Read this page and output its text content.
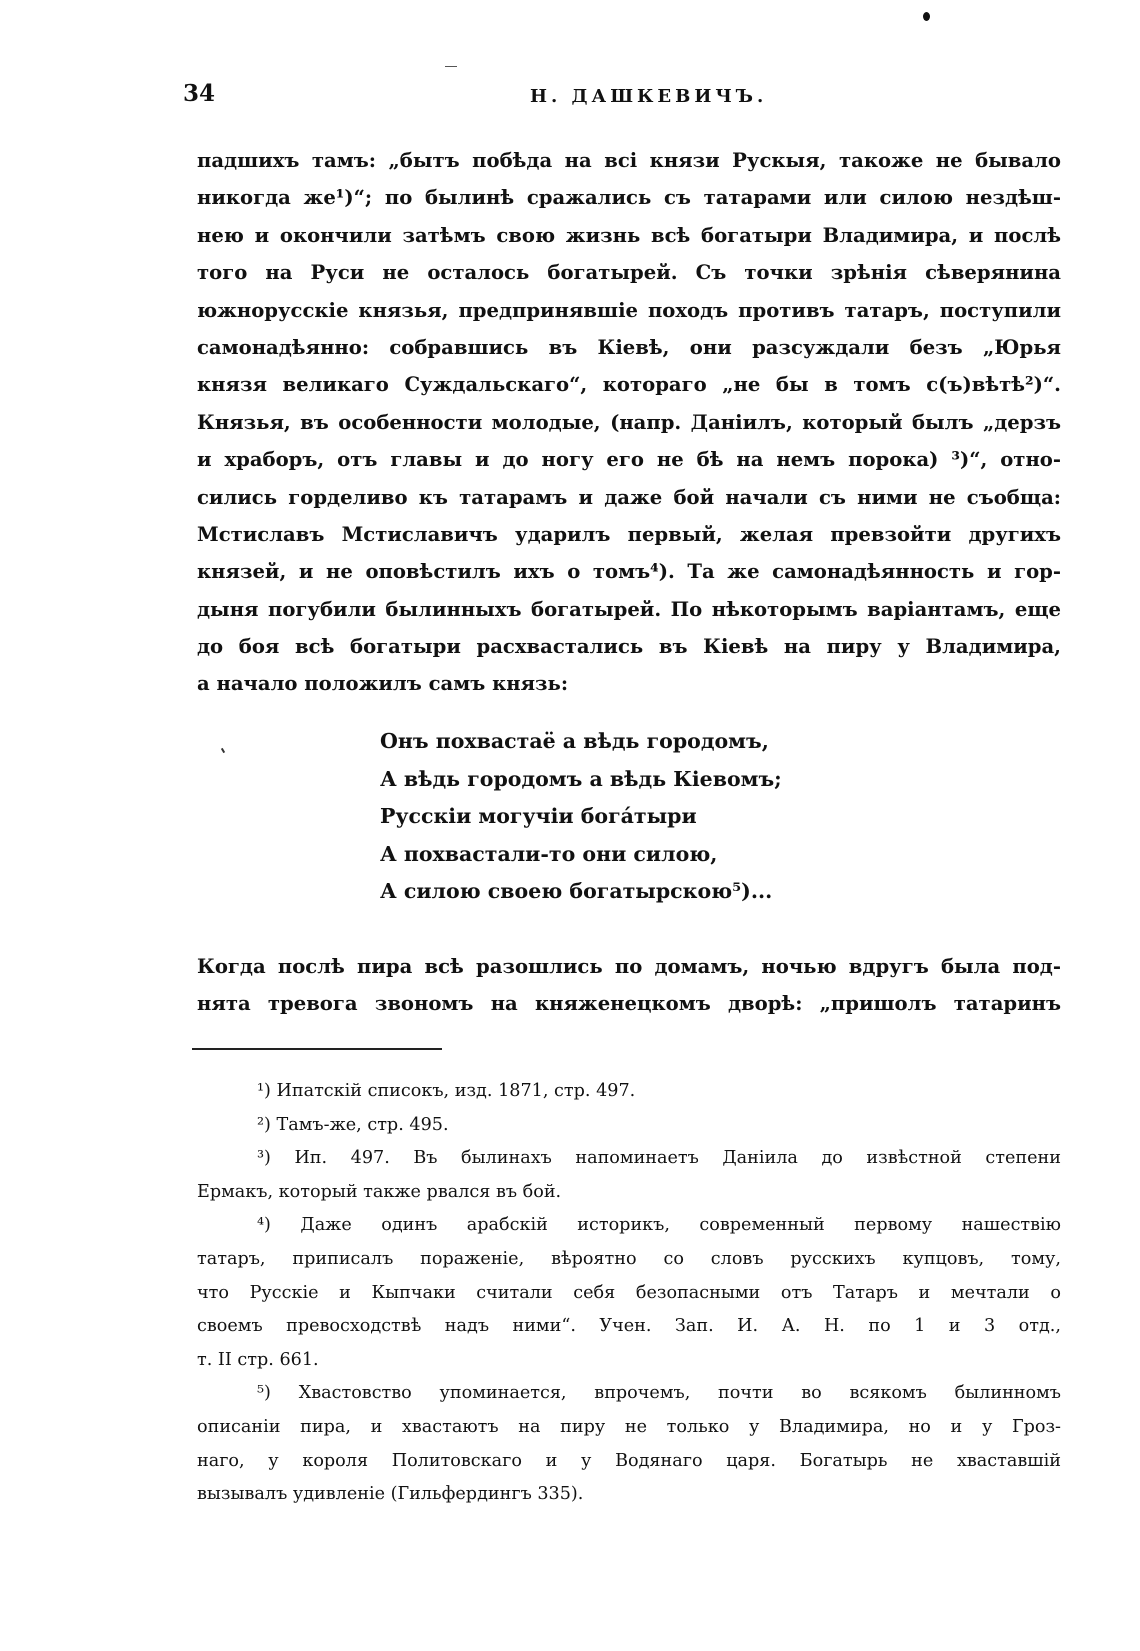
34	Н. ДАШКЕВИЧЪ.
падшихъ тамъ: „бытъ побѣда на всі князи Рускыя, такоже не бывало
никогда же¹)“; по былинѣ сражались съ татарами или силою нездѣш-
нею и окончили затѣмъ свою жизнь всѣ богатыри Владимира, и послѣ
того на Руси не осталось богатырей. Съ точки зрѣнія сѣверянина
южнорусскіе князья, предпринявшіе походъ противъ татаръ, поступили
самонадѣянно: собравшись въ Кіевѣ, они разсуждали безъ „Юрья
князя великаго Суждальскаго“, котораго „не бы в томъ с(ъ)вѣтѣ²)“.
Князья, въ особенности молодые, (напр. Даніилъ, который былъ „дерзъ
и храборъ, отъ главы и до ногу его не бѣ на немъ порока) ³)“, отно-
сились горделиво къ татарамъ и даже бой начали съ ними не съобща:
Мстиславъ Мстиславичъ ударилъ первый, желая превзойти другихъ
князей, и не оповѣстилъ ихъ о томъ⁴). Та же самонадѣянность и гор-
дыня погубили былинныхъ богатырей. По нѣкоторымъ варіантамъ, еще
до боя всѣ богатыри расхвастались въ Кіевѣ на пиру у Владимира,
а начало положилъ самъ князь:
Онъ похвастаё а вѣдь городомъ,
А вѣдь городомъ а вѣдь Кіевомъ;
Русскіи могучіи богáтыри
А похвастали-то они силою,
А силою своею богатырскою⁵)...
Когда послѣ пира всѣ разошлись по домамъ, ночью вдругъ была под-
нята тревога звономъ на княженецкомъ дворѣ: „пришолъ татаринъ
¹) Ипатскій списокъ, изд. 1871, стр. 497.
²) Тамъ-же, стр. 495.
³) Ип. 497. Въ былинахъ напоминаетъ Даніила до извѣстной степени
Ермакъ, который также рвался въ бой.
⁴) Даже одинъ арабскій историкъ, современный первому нашествію
татаръ, приписалъ пораженіе, вѣроятно со словъ русскихъ купцовъ, тому,
что Русскіе и Кыпчаки считали себя безопасными отъ Татаръ и мечтали о
своемъ превосходствѣ надъ ними“. Учен. Зап. И. А. Н. по 1 и 3 отд.,
т. II стр. 661.
⁵) Хвастовство упоминается, впрочемъ, почти во всякомъ былинномъ
описаніи пира, и хвастаютъ на пиру не только у Владимира, но и у Гроз-
наго, у короля Политовскаго и у Водянаго царя. Богатырь не хваставшій
вызывалъ удивленіе (Гильфердингъ 335).
